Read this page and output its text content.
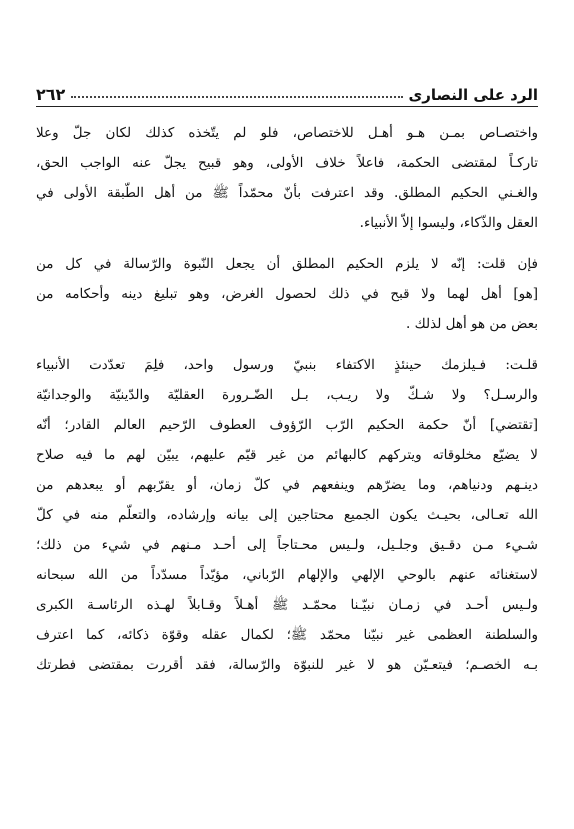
الرد على النصارى
٢٦٢
واختصـاص بمـن هـو أهـل للاختصاص، فلو لم يتّخذه كذلك لكان جلّ وعلا
تاركـاً لمقتضى الحكمة، فاعلاً خلاف الأولى، وهو قبيح يجلّ عنه الواجب الحق،
والغـني الحكيم المطلق. وقد اعترفت بأنّ محمّداً ﷺ من أهل الطّبقة الأولى في
العقل والذّكاء، وليسوا إلاّ الأنبياء.
فإن قلت: إنّه لا يلزم الحكيم المطلق أن يجعل النّبوة والرّسالة في كل من
[هو] أهل لهما ولا قبح في ذلك لحصول الغرض، وهو تبليغ دينه وأحكامه من
بعض من هو أهل لذلك .
قلـت: فـيلزمك حينئذٍ الاكتفاء بنبيّ ورسول واحد، فلِمَ تعدّدت الأنبياء
والرسـل؟ ولا شـكّ ولا ريـب، بـل الضّـرورة العقليّة والدّينيّة والوجدانيّة
[تقتضي] أنّ حكمة الحكيم الرّب الرّؤوف العطوف الرّحيم العالم القادر؛ أنّه
لا يضيّع مخلوقاته ويتركهم كالبهائم من غير قيّم عليهم، يبيّن لهم ما فيه صلاح
دينـهم ودنياهم، وما يضرّهم وينفعهم في كلّ زمان، أو يقرّبهم أو يبعدهم من
الله تعـالى، بحيـث يكون الجميع محتاجين إلى بيانه وإرشاده، والتعلّم منه في كلّ
شـيء مـن دقـيق وجلـيل، ولـيس محـتاجاً إلى أحـد مـنهم في شيء من ذلك؛
لاستغنائه عنهم بالوحي الإلهي والإلهام الرّباني، مؤيّداً مسدّداً من الله سبحانه
ولـيس أحـد في زمـان نبيّـنا محمّـد ﷺ أهـلاً وقـابلاً لهـذه الرئاسـة الكبرى
والسلطنة العظمى غير نبيّنا محمّد ﷺ؛ لكمال عقله وقوّة ذكائه، كما اعترف
بـه الخصـم؛ فيتعـيّن هو لا غير للنبوّة والرّسالة، فقد أقررت بمقتضى فطرتك
